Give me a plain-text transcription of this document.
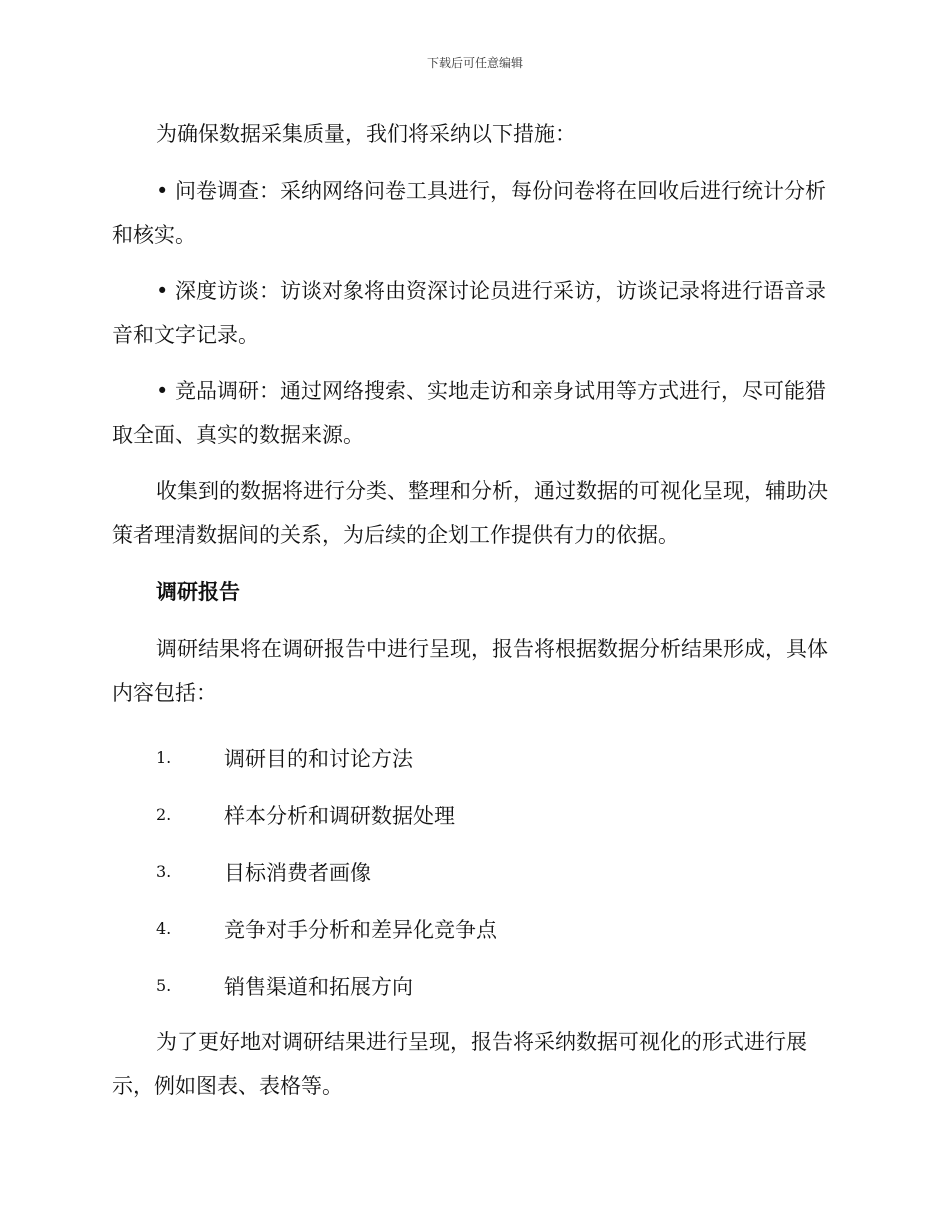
下载后可任意编辑

为确保数据采集质量，我们将采纳以下措施：

• 问卷调查：采纳网络问卷工具进行，每份问卷将在回收后进行统计分析和核实。

• 深度访谈：访谈对象将由资深讨论员进行采访，访谈记录将进行语音录音和文字记录。

• 竞品调研：通过网络搜索、实地走访和亲身试用等方式进行，尽可能猎取全面、真实的数据来源。

收集到的数据将进行分类、整理和分析，通过数据的可视化呈现，辅助决策者理清数据间的关系，为后续的企划工作提供有力的依据。

调研报告

调研结果将在调研报告中进行呈现，报告将根据数据分析结果形成，具体内容包括：

1.	调研目的和讨论方法
2.	样本分析和调研数据处理
3.	目标消费者画像
4.	竞争对手分析和差异化竞争点
5.	销售渠道和拓展方向

为了更好地对调研结果进行呈现，报告将采纳数据可视化的形式进行展示，例如图表、表格等。
